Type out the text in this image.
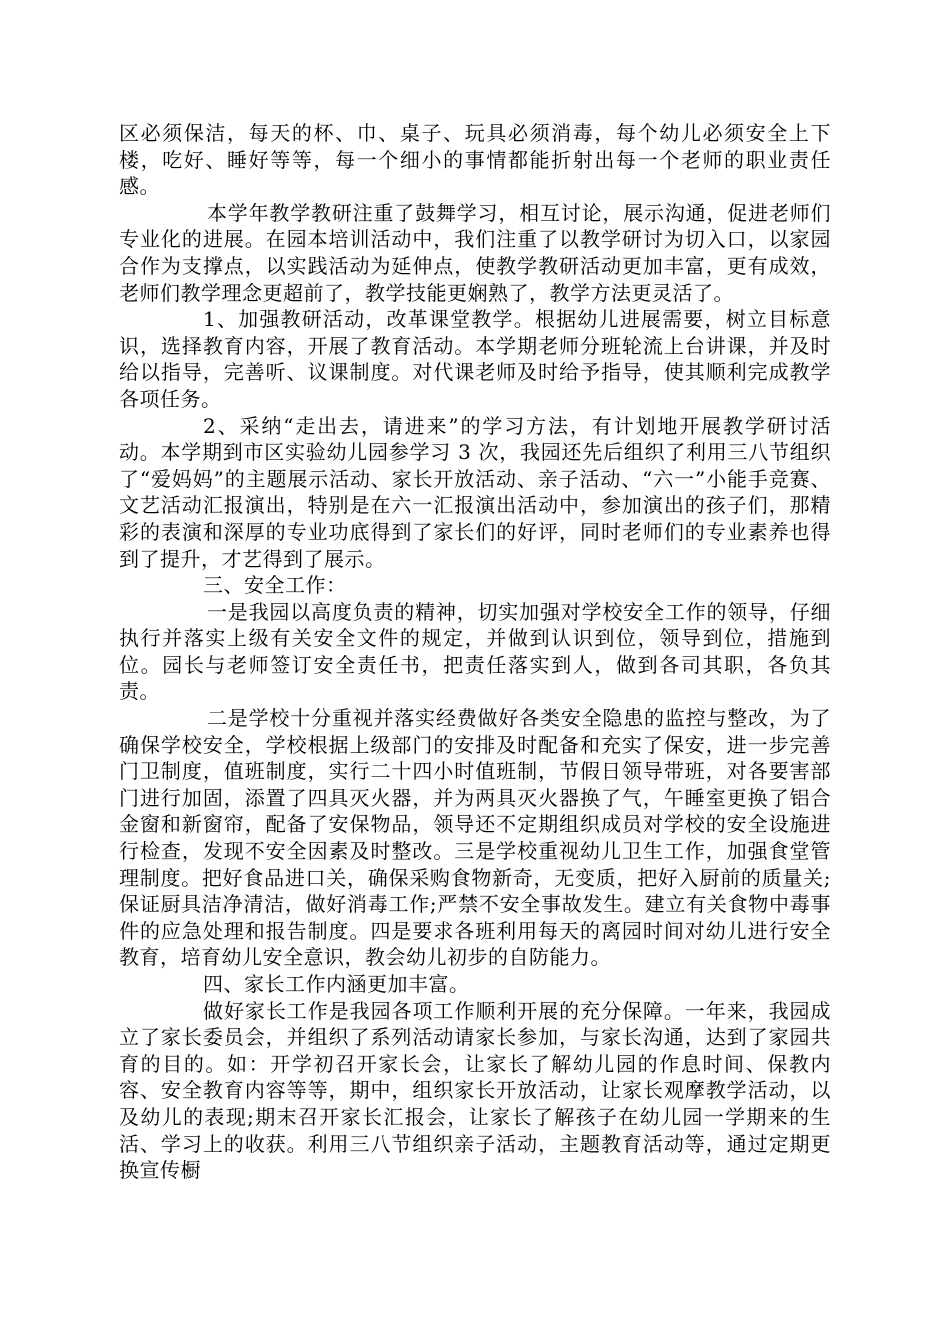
区必须保洁，每天的杯、巾、桌子、玩具必须消毒，每个幼儿必须安全上下楼，吃好、睡好等等，每一个细小的事情都能折射出每一个老师的职业责任感。

本学年教学教研注重了鼓舞学习，相互讨论，展示沟通，促进老师们专业化的进展。在园本培训活动中，我们注重了以教学研讨为切入口，以家园合作为支撑点，以实践活动为延伸点，使教学教研活动更加丰富，更有成效，老师们教学理念更超前了，教学技能更娴熟了，教学方法更灵活了。

1、加强教研活动，改革课堂教学。根据幼儿进展需要，树立目标意识，选择教育内容，开展了教育活动。本学期老师分班轮流上台讲课，并及时给以指导，完善听、议课制度。对代课老师及时给予指导，使其顺利完成教学各项任务。

2、采纳“走出去，请进来”的学习方法，有计划地开展教学研讨活动。本学期到市区实验幼儿园参学习 3 次，我园还先后组织了利用三八节组织了“爱妈妈”的主题展示活动、家长开放活动、亲子活动、“六一”小能手竞赛、文艺活动汇报演出，特别是在六一汇报演出活动中，参加演出的孩子们，那精彩的表演和深厚的专业功底得到了家长们的好评，同时老师们的专业素养也得到了提升，才艺得到了展示。

三、安全工作：

一是我园以高度负责的精神，切实加强对学校安全工作的领导，仔细执行并落实上级有关安全文件的规定，并做到认识到位，领导到位，措施到位。园长与老师签订安全责任书，把责任落实到人，做到各司其职，各负其责。

二是学校十分重视并落实经费做好各类安全隐患的监控与整改，为了确保学校安全，学校根据上级部门的安排及时配备和充实了保安，进一步完善门卫制度，值班制度，实行二十四小时值班制，节假日领导带班，对各要害部门进行加固，添置了四具灭火器，并为两具灭火器换了气，午睡室更换了铝合金窗和新窗帘，配备了安保物品，领导还不定期组织成员对学校的安全设施进行检查，发现不安全因素及时整改。三是学校重视幼儿卫生工作，加强食堂管理制度。把好食品进口关，确保采购食物新奇，无变质，把好入厨前的质量关;保证厨具洁净清洁，做好消毒工作;严禁不安全事故发生。建立有关食物中毒事件的应急处理和报告制度。四是要求各班利用每天的离园时间对幼儿进行安全教育，培育幼儿安全意识，教会幼儿初步的自防能力。

四、家长工作内涵更加丰富。

做好家长工作是我园各项工作顺利开展的充分保障。一年来，我园成立了家长委员会，并组织了系列活动请家长参加，与家长沟通，达到了家园共育的目的。如：开学初召开家长会，让家长了解幼儿园的作息时间、保教内容、安全教育内容等等，期中，组织家长开放活动，让家长观摩教学活动，以及幼儿的表现;期末召开家长汇报会，让家长了解孩子在幼儿园一学期来的生活、学习上的收获。利用三八节组织亲子活动，主题教育活动等，通过定期更换宣传橱
